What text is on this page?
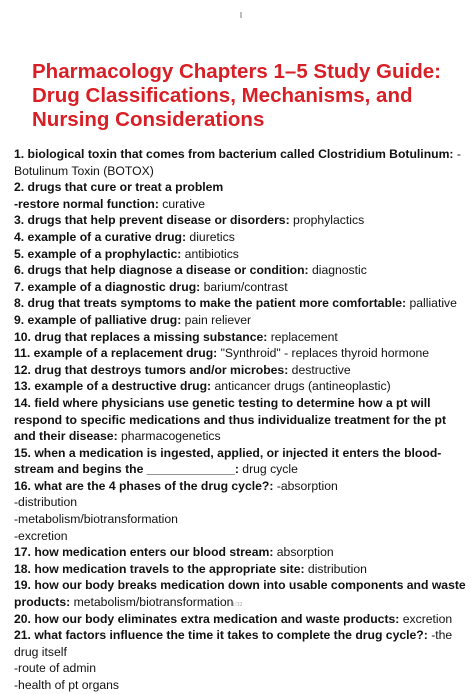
Pharmacology Chapters 1–5 Study Guide:
Drug Classifications, Mechanisms, and
Nursing Considerations
1. biological toxin that comes from bacterium called Clostridium Botulinum: -
Botulinum Toxin (BOTOX)
2. drugs that cure or treat a problem
-restore normal function: curative
3. drugs that help prevent disease or disorders: prophylactics
4. example of a curative drug: diuretics
5. example of a prophylactic: antibiotics
6. drugs that help diagnose a disease or condition: diagnostic
7. example of a diagnostic drug: barium/contrast
8. drug that treats symptoms to make the patient more comfortable: palliative
9. example of palliative drug: pain reliever
10. drug that replaces a missing substance: replacement
11. example of a replacement drug: "Synthroid" - replaces thyroid hormone
12. drug that destroys tumors and/or microbes: destructive
13. example of a destructive drug: anticancer drugs (antineoplastic)
14. field where physicians use genetic testing to determine how a pt will
respond to specific medications and thus individualize treatment for the pt
and their disease: pharmacogenetics
15. when a medication is ingested, applied, or injected it enters the blood-
stream and begins the _____________: drug cycle
16. what are the 4 phases of the drug cycle?: -absorption
-distribution
-metabolism/biotransformation
-excretion
17. how medication enters our blood stream: absorption
18. how medication travels to the appropriate site: distribution
19. how our body breaks medication down into usable components and waste
products: metabolism/biotransformation
20. how our body eliminates extra medication and waste products: excretion
21. what factors influence the time it takes to complete the drug cycle?: -the
drug itself
-route of admin
-health of pt organs
1/32
